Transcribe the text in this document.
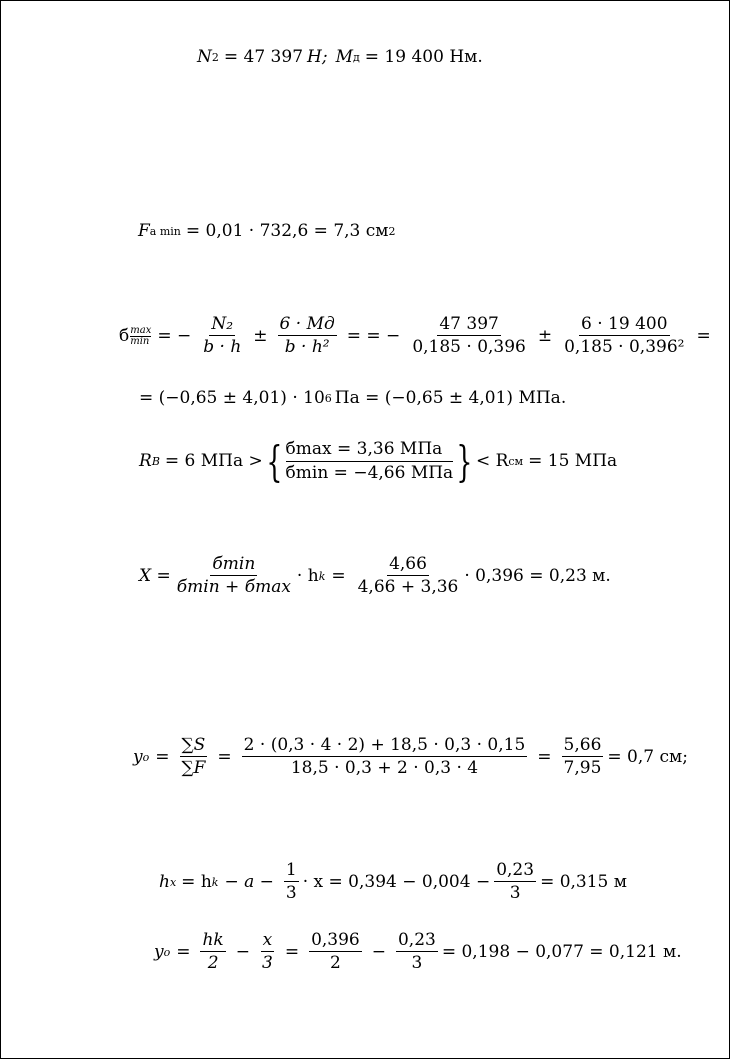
N 2 = 47 397 Н; M д = 19 400 Нм.
F a min = 0,01 · 732,6 = 7,3 см 2
б max
min = − $\frac{\text{N₂}}{b \cdot h} \pm \frac{6 \cdot Mд}{\text{b · h²}}$ = = − $\frac{47 397}{0,185 \cdot 0,396} \pm \frac{6 \cdot 19 400}{\text{0,185 · 0,396²}}$ =
= (−0,65 ± 4,01) · 10 6 Па = (−0,65 ± 4,01) МПа.
R B = 6 МПа > { бmax = 3,36 МПа
бmin = −4,66 МПа } < R см = 15 МПа
$X = \frac{б\min}{б\min + б\max} \cdot h$ $k = \frac{4,66}{4,66 + 3,36} \cdot 0,396 = 0,23$ м.
y $o = \frac{\sum S}{\sum F} = \frac{2 \cdot (0,3 \cdot 4 \cdot 2) + 18,5 \cdot 0,3 \cdot 0,15}{18,5 \cdot 0,3 + 2 \cdot 0,3 \cdot 4} = \frac{5,66}{7,95} = 0,7$ см;
h x = h $k - a - \frac{1}{3} \cdot x = 0,394 - 0,004 - \frac{0,23}{3} = 0,315$ м
y $o = \frac{hk}{2} - \frac{x}{3} = \frac{0,396}{2} - \frac{0,23}{3} = 0,198 - 0,077 = 0,121$ м.
